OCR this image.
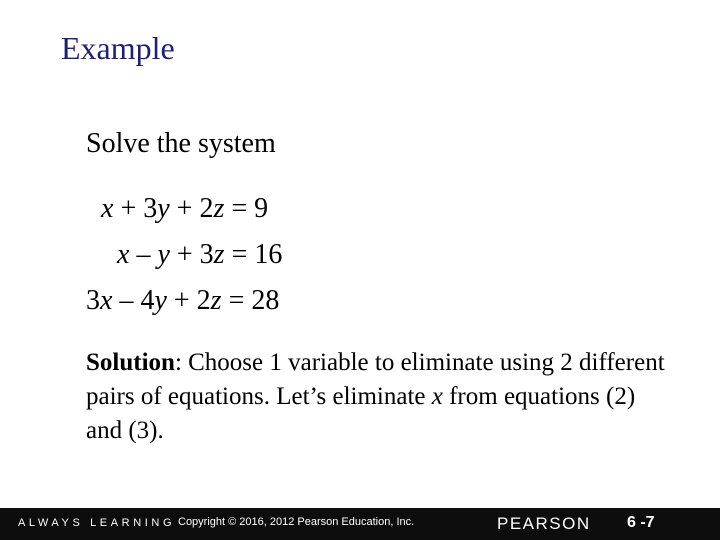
Example
Solve the system
x + 3y + 2z = 9
x – y + 3z = 16
3x – 4y + 2z = 28
Solution: Choose 1 variable to eliminate using 2 different pairs of equations. Let’s eliminate x from equations (2) and (3).
ALWAYS LEARNING Copyright © 2016, 2012 Pearson Education, Inc.	PEARSON 6 -7
